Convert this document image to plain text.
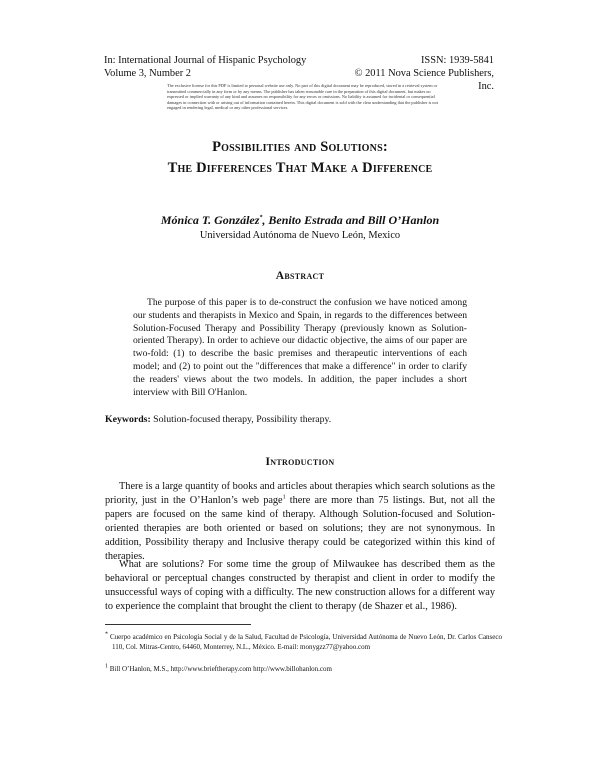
In: International Journal of Hispanic Psychology
Volume 3, Number 2
ISSN: 1939-5841
© 2011 Nova Science Publishers, Inc.
The exclusive license for this PDF is limited to personal website use only. No part of this digital document may be reproduced, stored in a retrieval system or transmitted commercially in any form or by any means. The publisher has taken reasonable care in the preparation of this digital document, but makes no expressed or implied warranty of any kind and assumes no responsibility for any errors or omissions. No liability is assumed for incidental or consequential damages in connection with or arising out of information contained herein. This digital document is sold with the clear understanding that the publisher is not engaged in rendering legal, medical or any other professional services.
Possibilities and Solutions:
The Differences That Make a Difference
Mónica T. González*, Benito Estrada and Bill O’Hanlon
Universidad Autónoma de Nuevo León, Mexico
Abstract

The purpose of this paper is to de-construct the confusion we have noticed among our students and therapists in Mexico and Spain, in regards to the differences between Solution-Focused Therapy and Possibility Therapy (previously known as Solution-oriented Therapy). In order to achieve our didactic objective, the aims of our paper are two-fold: (1) to describe the basic premises and therapeutic interventions of each model; and (2) to point out the "differences that make a difference" in order to clarify the readers' views about the two models. In addition, the paper includes a short interview with Bill O'Hanlon.

Keywords: Solution-focused therapy, Possibility therapy.
Introduction

There is a large quantity of books and articles about therapies which search solutions as the priority, just in the O’Hanlon’s web page$^1$ there are more than 75 listings. But, not all the papers are focused on the same kind of therapy. Although Solution-focused and Solution-oriented therapies are both oriented or based on solutions; they are not synonymous. In addition, Possibility therapy and Inclusive therapy could be categorized within this kind of therapies.

What are solutions? For some time the group of Milwaukee has described them as the behavioral or perceptual changes constructed by therapist and client in order to modify the unsuccessful ways of coping with a difficulty. The new construction allows for a different way to experience the complaint that brought the client to therapy (de Shazer et al., 1986).

* Cuerpo académico en Psicología Social y de la Salud, Facultad de Psicología, Universidad Autónoma de Nuevo León, Dr. Carlos Canseco 110, Col. Mitras-Centro, 64460, Monterrey, N.L., México. E-mail: monygzz77@yahoo.com

$^1$ Bill O’Hanlon, M.S., http://www.brieftherapy.com http://www.billohanlon.com
